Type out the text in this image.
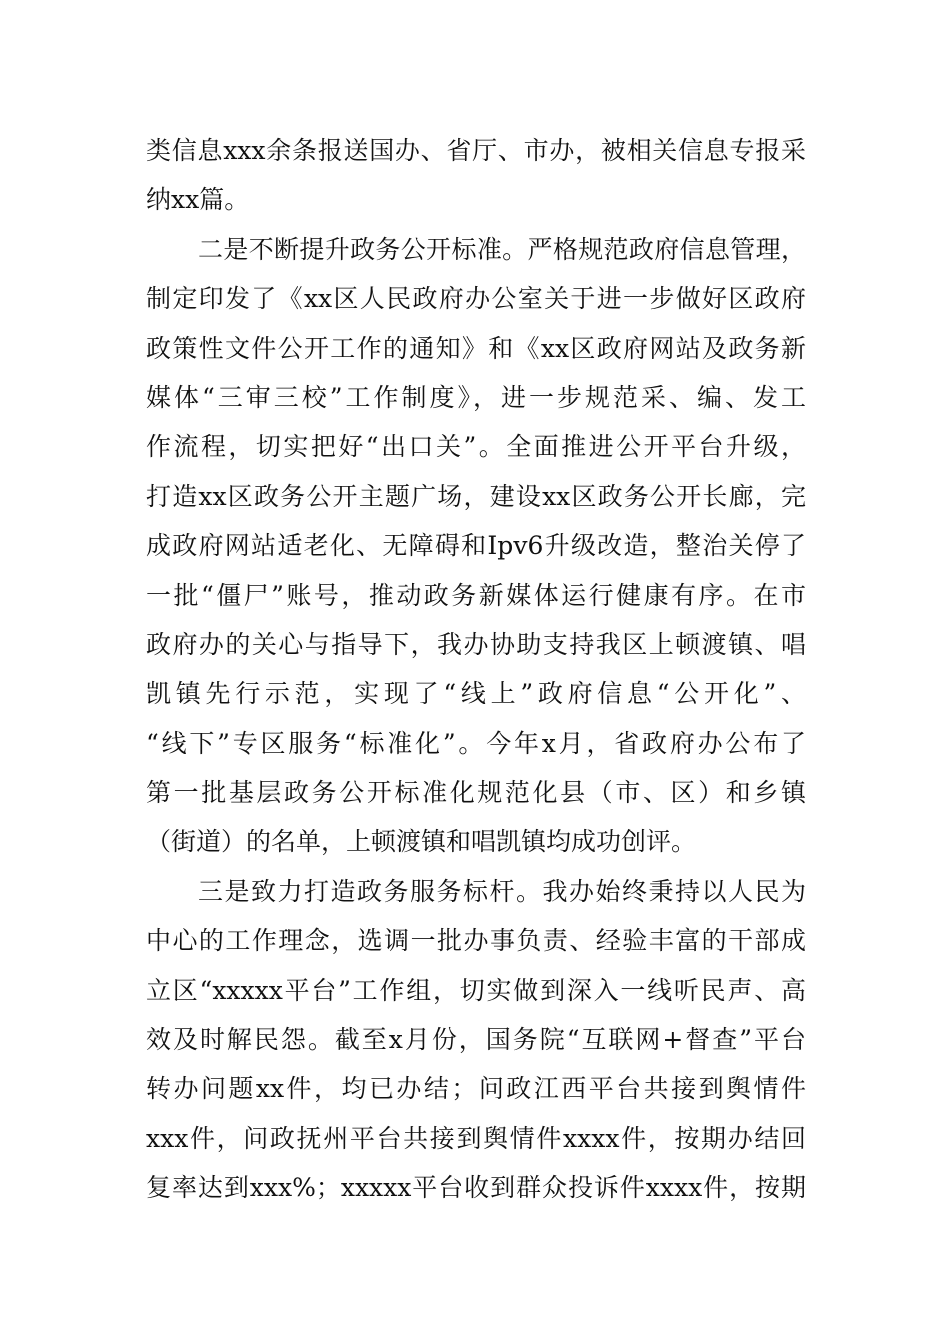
类信息xxx余条报送国办、省厅、市办，被相关信息专报采
纳xx篇。
二是不断提升政务公开标准。严格规范政府信息管理，
制定印发了《xx区人民政府办公室关于进一步做好区政府
政策性文件公开工作的通知》和《xx区政府网站及政务新
媒体“三审三校”工作制度》，进一步规范采、编、发工
作流程，切实把好“出口关”。全面推进公开平台升级，
打造xx区政务公开主题广场，建设xx区政务公开长廊，完
成政府网站适老化、无障碍和Ipv6升级改造，整治关停了
一批“僵尸”账号，推动政务新媒体运行健康有序。在市
政府办的关心与指导下，我办协助支持我区上顿渡镇、唱
凯镇先行示范，实现了“线上”政府信息“公开化”、
“线下”专区服务“标准化”。今年x月，省政府办公布了
第一批基层政务公开标准化规范化县（市、区）和乡镇
（街道）的名单，上顿渡镇和唱凯镇均成功创评。
三是致力打造政务服务标杆。我办始终秉持以人民为
中心的工作理念，选调一批办事负责、经验丰富的干部成
立区“xxxxx平台”工作组，切实做到深入一线听民声、高
效及时解民怨。截至x月份，国务院“互联网+督查”平台
转办问题xx件，均已办结；问政江西平台共接到舆情件
xxx件，问政抚州平台共接到舆情件xxxx件，按期办结回
复率达到xxx%；xxxxx平台收到群众投诉件xxxx件，按期
